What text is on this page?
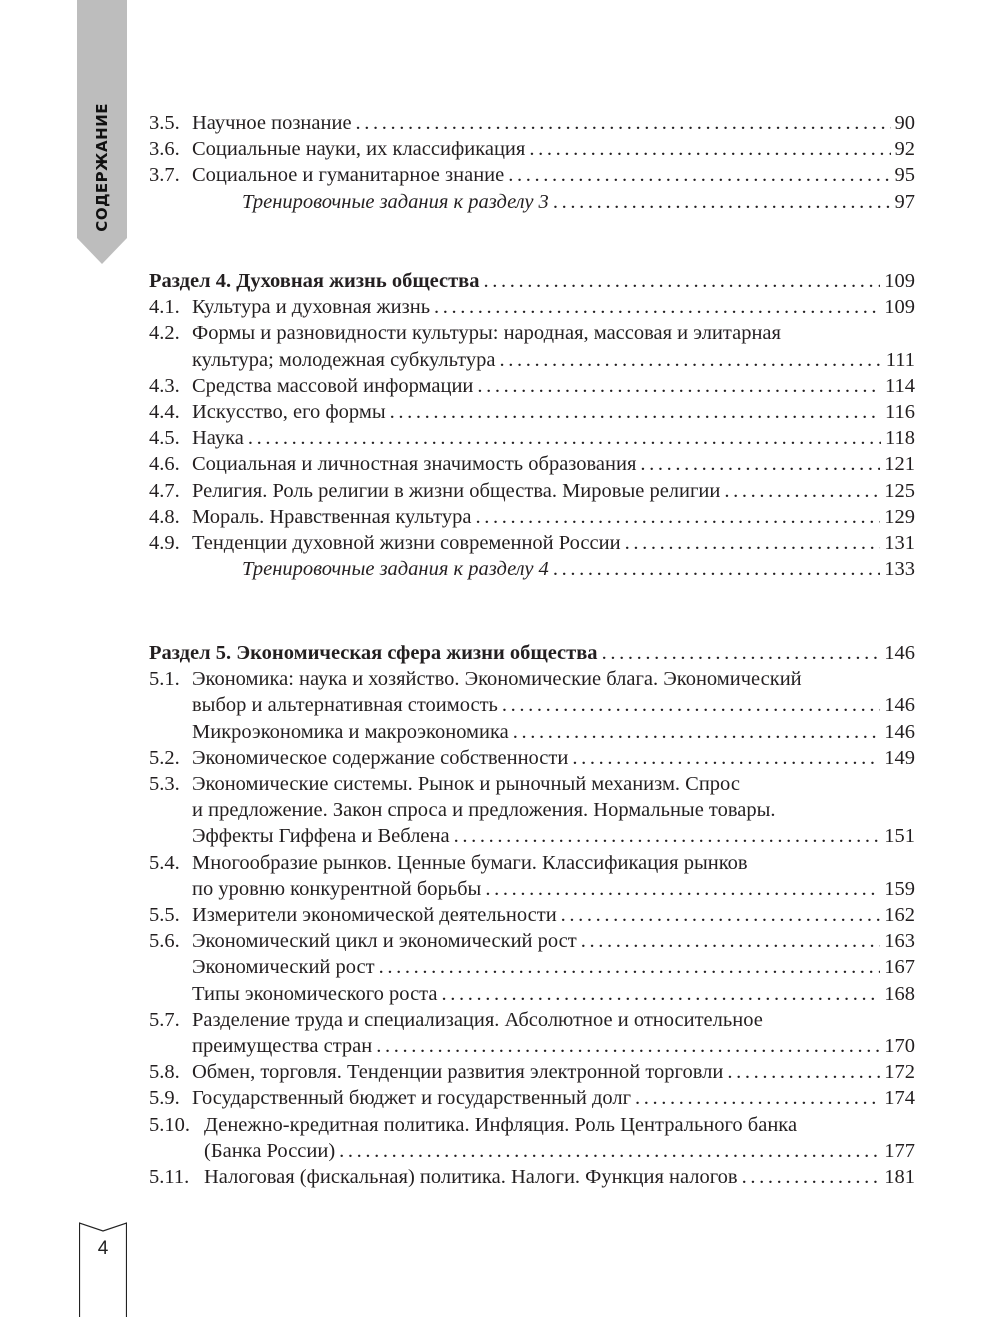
СОДЕРЖАНИЕ 3.5. Научное познание . . .	90
3.6. Социальные науки, их классификация . . .	92
3.7. Социальное и гуманитарное знание . . .	95
Тренировочные задания к разделу 3 . . .	97
Раздел 4. Духовная жизнь общества . . .	109
4.1. Культура и духовная жизнь . . .	109
4.2. Формы и разновидности культуры: народная, массовая и элитарная
культура; молодежная субкультура . . .	111
4.3. Средства массовой информации . . .	114
4.4. Искусство, его формы . . .	116
4.5. Наука . . .	118
4.6. Социальная и личностная значимость образования . . .	121
4.7. Религия. Роль религии в жизни общества. Мировые религии . . .	125
4.8. Мораль. Нравственная культура . . .	129
4.9. Тенденции духовной жизни современной России . . .	131
Тренировочные задания к разделу 4 . . .	133
Раздел 5. Экономическая сфера жизни общества . . .	146
5.1. Экономика: наука и хозяйство. Экономические блага. Экономический
выбор и альтернативная стоимость . . .	146
Микроэкономика и макроэкономика . . .	146
5.2. Экономическое содержание собственности . . .	149
5.3. Экономические системы. Рынок и рыночный механизм. Спрос
и предложение. Закон спроса и предложения. Нормальные товары.
Эффекты Гиффена и Веблена . . .	151
5.4. Многообразие рынков. Ценные бумаги. Классификация рынков
по уровню конкурентной борьбы . . .	159
5.5. Измерители экономической деятельности . . .	162
5.6. Экономический цикл и экономический рост . . .	163
Экономический рост . . .	167
Типы экономического роста . . .	168
5.7. Разделение труда и специализация. Абсолютное и относительное
преимущества стран . . .	170
5.8. Обмен, торговля. Тенденции развития электронной торговли . . .	172
5.9. Государственный бюджет и государственный долг . . .	174
5.10. Денежно-кредитная политика. Инфляция. Роль Центрального банка
(Банка России) . . .	177
5.11. Налоговая (фискальная) политика. Налоги. Функция налогов . . .	181
4
